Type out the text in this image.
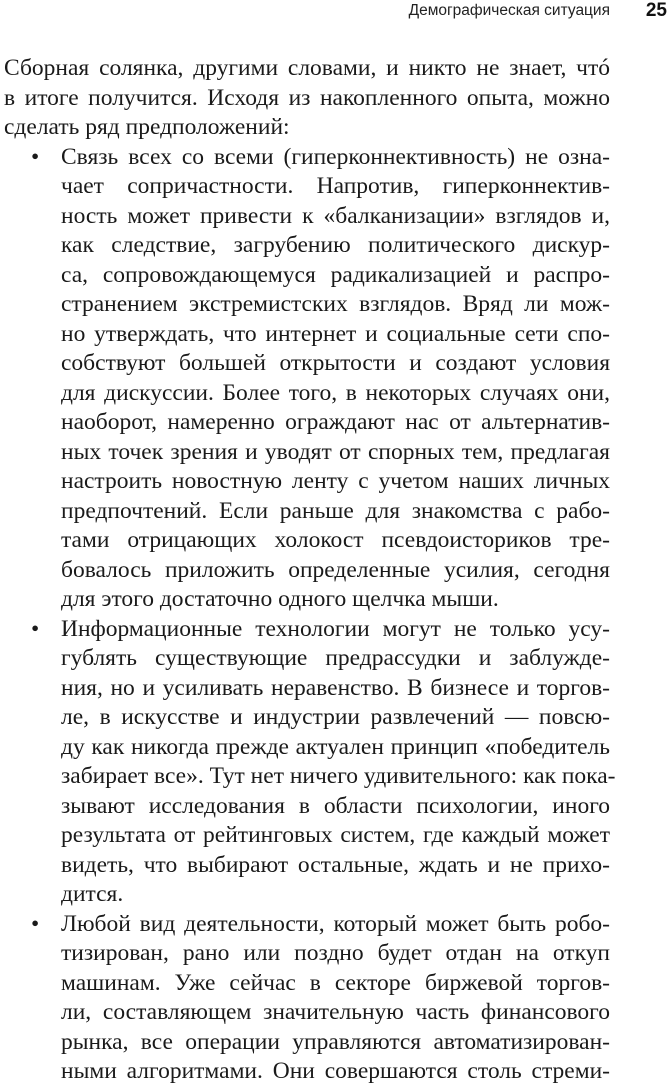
Демографическая ситуация 25
Сборная солянка, другими словами, и никто не знает, чтó
в итоге получится. Исходя из накопленного опыта, можно
сделать ряд предположений:
• Связь всех со всеми (гиперконнективность) не озна-
чает сопричастности. Напротив, гиперконнектив-
ность может привести к «балканизации» взглядов и,
как следствие, загрубению политического дискур-
са, сопровождающемуся радикализацией и распро-
странением экстремистских взглядов. Вряд ли мож-
но утверждать, что интернет и социальные сети спо-
собствуют большей открытости и создают условия
для дискуссии. Более того, в некоторых случаях они,
наоборот, намеренно ограждают нас от альтернатив-
ных точек зрения и уводят от спорных тем, предлагая
настроить новостную ленту с учетом наших личных
предпочтений. Если раньше для знакомства с рабо-
тами отрицающих холокост псевдоисториков тре-
бовалось приложить определенные усилия, сегодня
для этого достаточно одного щелчка мыши.
• Информационные технологии могут не только усу-
гублять существующие предрассудки и заблужде-
ния, но и усиливать неравенство. В бизнесе и торгов-
ле, в искусстве и индустрии развлечений — повсю-
ду как никогда прежде актуален принцип «победитель
забирает все». Тут нет ничего удивительного: как пока-
зывают исследования в области психологии, иного
результата от рейтинговых систем, где каждый может
видеть, что выбирают остальные, ждать и не прихо-
дится.
• Любой вид деятельности, который может быть робо-
тизирован, рано или поздно будет отдан на откуп
машинам. Уже сейчас в секторе биржевой торгов-
ли, составляющем значительную часть финансового
рынка, все операции управляются автоматизирован-
ными алгоритмами. Они совершаются столь стреми-
